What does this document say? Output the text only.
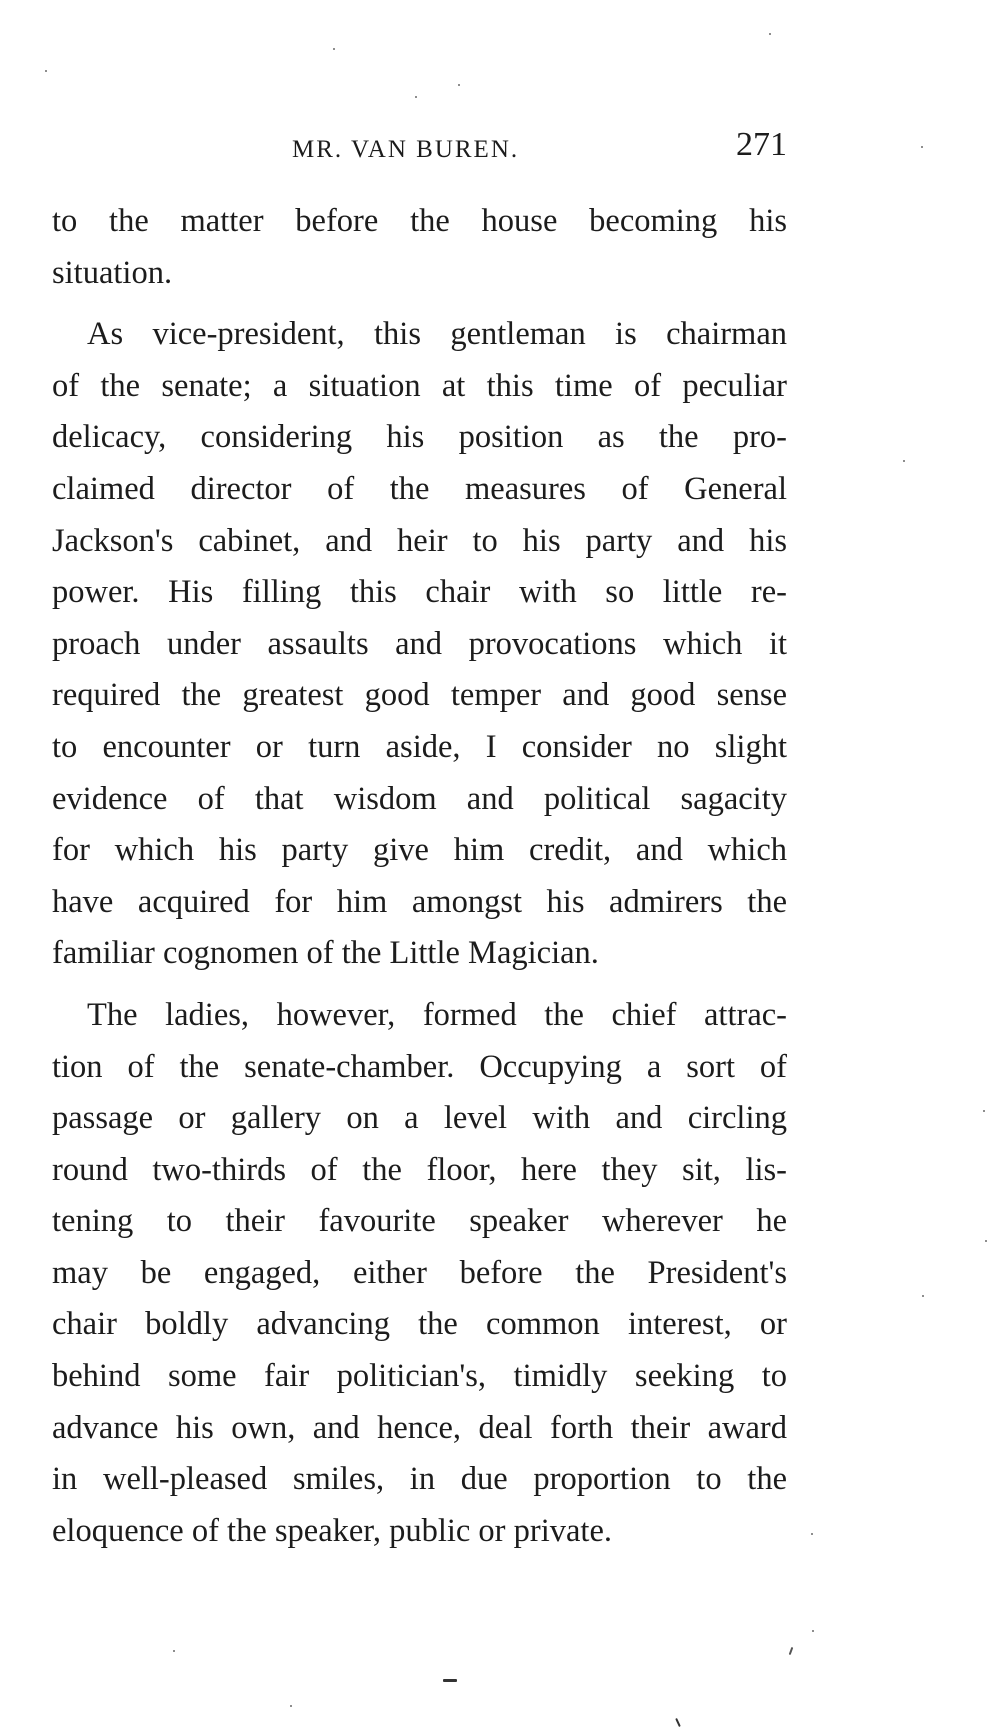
MR. VAN BUREN.	271
to the matter before the house becoming his
situation.
As vice-president, this gentleman is chairman
of the senate; a situation at this time of peculiar
delicacy, considering his position as the pro-
claimed director of the measures of General
Jackson's cabinet, and heir to his party and his
power. His filling this chair with so little re-
proach under assaults and provocations which it
required the greatest good temper and good sense
to encounter or turn aside, I consider no slight
evidence of that wisdom and political sagacity
for which his party give him credit, and which
have acquired for him amongst his admirers the
familiar cognomen of the Little Magician.
The ladies, however, formed the chief attrac-
tion of the senate-chamber. Occupying a sort of
passage or gallery on a level with and circling
round two-thirds of the floor, here they sit, lis-
tening to their favourite speaker wherever he
may be engaged, either before the President's
chair boldly advancing the common interest, or
behind some fair politician's, timidly seeking to
advance his own, and hence, deal forth their award
in well-pleased smiles, in due proportion to the
eloquence of the speaker, public or private.
